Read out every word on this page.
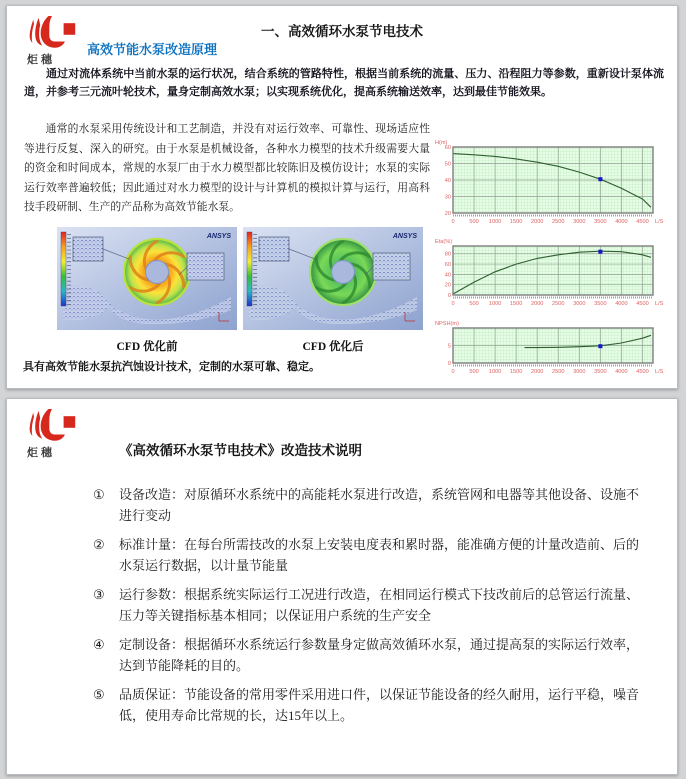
炬穗
一、高效循环水泵节电技术
高效节能水泵改造原理

通过对流体系统中当前水泵的运行状况，结合系统的管路特性，根据当前系统的流量、压力、沿程阻力等参数，重新设计泵体流道，并参考三元流叶轮技术，量身定制高效水泵；以实现系统优化，提高系统输送效率，达到最佳节能效果。

通常的水泵采用传统设计和工艺制造，并没有对运行效率、可靠性、现场适应性等进行反复、深入的研究。由于水泵是机械设备，各种水力模型的技术升级需要大量的资金和时间成本，常规的水泵厂由于水力模型都比较陈旧及模仿设计；水泵的实际运行效率普遍较低；因此通过对水力模型的设计与计算机的模拟计算与运行，用高科技手段研制、生产的产品称为高效节能水泵。

ANSYS	ANSYS
CFD 优化前	CFD 优化后

具有高效节能水泵抗汽蚀设计技术，定制的水泵可靠、稳定。

0	500 1000 1500 2000 2500 3000 3500 4000 4500 L/S
20
30
40
50
60
H(m)
0	500 1000 1500 2000 2500 3000 3500 4000 4500 L/S
0
20
40
60
80
Eta(%)
0	500 1000 1500 2000 2500 3000 3500 4000 4500 L/S
0
5
NPSH(m)
炬穗	《高效循环水泵节电技术》改造技术说明
①	设备改造：对原循环水系统中的高能耗水泵进行改造，系统管网和电器等其他设备、设施不进行变动
②	标准计量：在每台所需技改的水泵上安装电度表和累时器，能准确方便的计量改造前、后的水泵运行数据，以计量节能量
③	运行参数：根据系统实际运行工况进行改造，在相同运行模式下技改前后的总管运行流量、压力等关键指标基本相同；以保证用户系统的生产安全
④	定制设备：根据循环水系统运行参数量身定做高效循环水泵，通过提高泵的实际运行效率，达到节能降耗的目的。
⑤	品质保证：节能设备的常用零件采用进口件，以保证节能设备的经久耐用，运行平稳，噪音低，使用寿命比常规的长，达15年以上。
